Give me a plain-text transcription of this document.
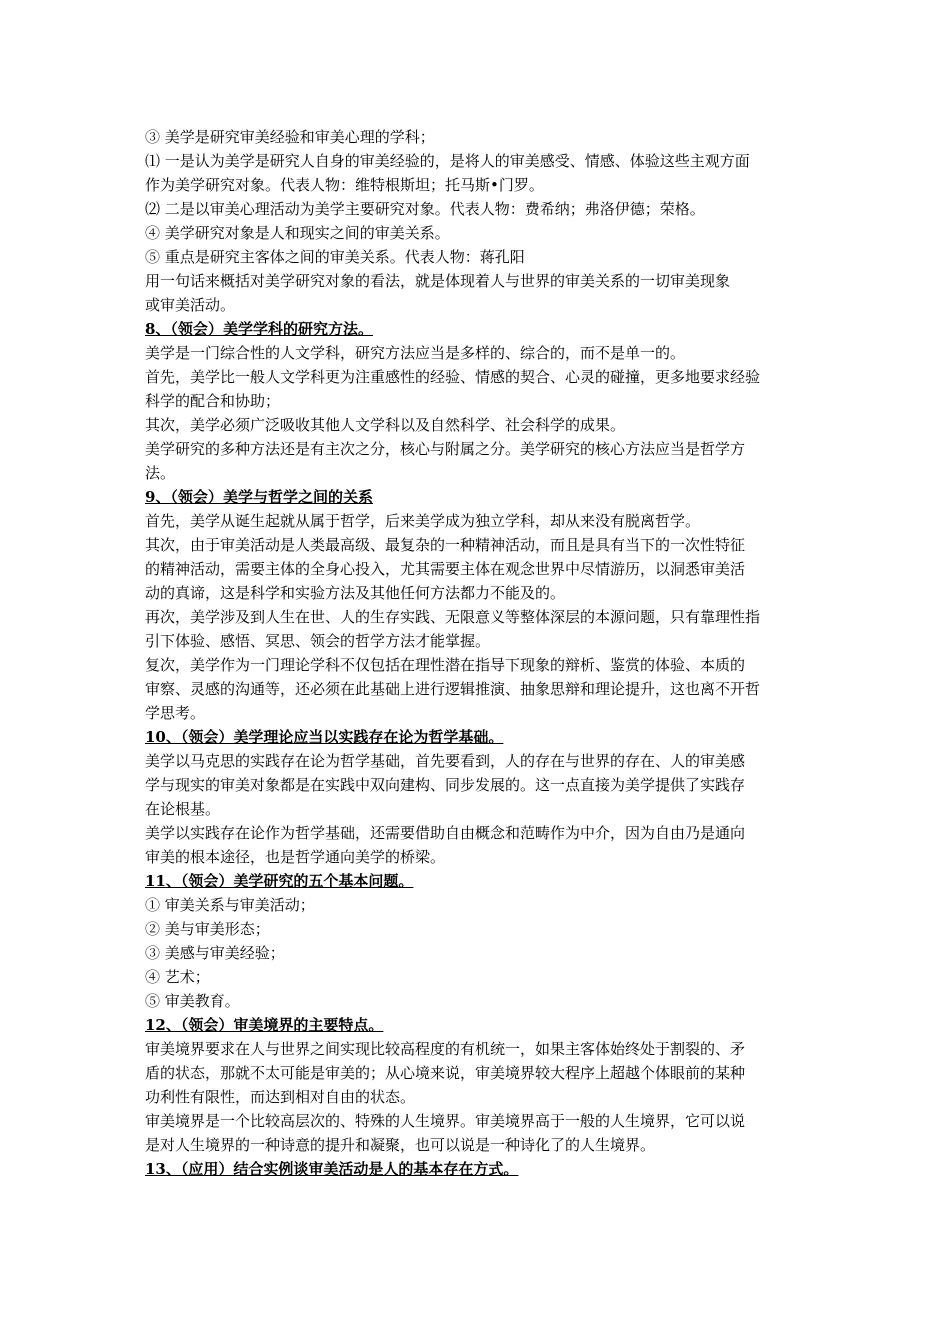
③ 美学是研究审美经验和审美心理的学科；

⑴ 一是认为美学是研究人自身的审美经验的，是将人的审美感受、情感、体验这些主观方面

作为美学研究对象。代表人物：维特根斯坦；托马斯•门罗。

⑵ 二是以审美心理活动为美学主要研究对象。代表人物：费希纳；弗洛伊德；荣格。

④ 美学研究对象是人和现实之间的审美关系。

⑤ 重点是研究主客体之间的审美关系。代表人物：蒋孔阳

用一句话来概括对美学研究对象的看法，就是体现着人与世界的审美关系的一切审美现象

或审美活动。

8、（领会）美学学科的研究方法。

美学是一门综合性的人文学科，研究方法应当是多样的、综合的，而不是单一的。

首先，美学比一般人文学科更为注重感性的经验、情感的契合、心灵的碰撞，更多地要求经验

科学的配合和协助；

其次，美学必须广泛吸收其他人文学科以及自然科学、社会科学的成果。

美学研究的多种方法还是有主次之分，核心与附属之分。美学研究的核心方法应当是哲学方

法。

9、（领会）美学与哲学之间的关系

首先，美学从诞生起就从属于哲学，后来美学成为独立学科，却从来没有脱离哲学。

其次，由于审美活动是人类最高级、最复杂的一种精神活动，而且是具有当下的一次性特征

的精神活动，需要主体的全身心投入，尤其需要主体在观念世界中尽情游历，以洞悉审美活

动的真谛，这是科学和实验方法及其他任何方法都力不能及的。

再次，美学涉及到人生在世、人的生存实践、无限意义等整体深层的本源问题，只有靠理性指

引下体验、感悟、冥思、领会的哲学方法才能掌握。

复次，美学作为一门理论学科不仅包括在理性潜在指导下现象的辩析、鉴赏的体验、本质的

审察、灵感的沟通等，还必须在此基础上进行逻辑推演、抽象思辩和理论提升，这也离不开哲

学思考。

10、（领会）美学理论应当以实践存在论为哲学基础。

美学以马克思的实践存在论为哲学基础，首先要看到，人的存在与世界的存在、人的审美感

学与现实的审美对象都是在实践中双向建构、同步发展的。这一点直接为美学提供了实践存

在论根基。

美学以实践存在论作为哲学基础，还需要借助自由概念和范畴作为中介，因为自由乃是通向

审美的根本途径，也是哲学通向美学的桥梁。

11、（领会）美学研究的五个基本问题。

① 审美关系与审美活动；

② 美与审美形态；

③ 美感与审美经验；

④ 艺术；

⑤ 审美教育。

12、（领会）审美境界的主要特点。

审美境界要求在人与世界之间实现比较高程度的有机统一，如果主客体始终处于割裂的、矛

盾的状态，那就不太可能是审美的；从心境来说，审美境界较大程序上超越个体眼前的某种

功利性有限性，而达到相对自由的状态。

审美境界是一个比较高层次的、特殊的人生境界。审美境界高于一般的人生境界，它可以说

是对人生境界的一种诗意的提升和凝聚，也可以说是一种诗化了的人生境界。

13、（应用）结合实例谈审美活动是人的基本存在方式。
